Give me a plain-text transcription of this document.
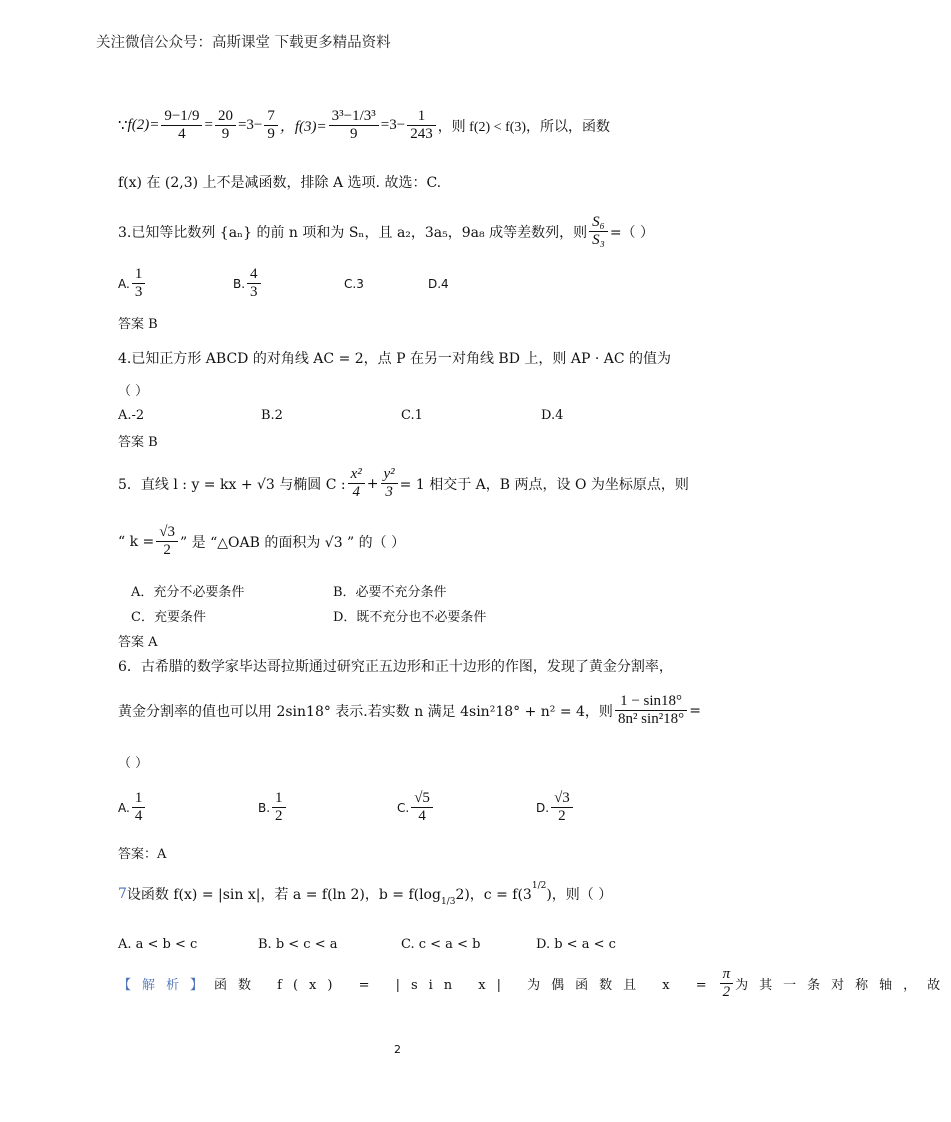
关注微信公众号：高斯课堂 下载更多精品资料
∵ $f(2)= \frac{9-1/9}{4} = \frac{20}{9} =3- \frac{7}{9}$ ，$f(3)= \frac{\text{3³−1/3³}}{9} =3- \frac{1}{243}$ ，则 f(2) < f(3)，所以，函数
f(x) 在 (2,3) 上不是减函数，排除 A 选项. 故选：C.
3.已知等比数列 {aₙ} 的前 n 项和为 Sₙ，且 a₂，3a₅，9a₈ 成等差数列，则 $\frac{\text{S₆}}{\text{S₃}}$ =（ ）
A. $\frac{1}{3}$	B. $\frac{4}{3}$	C.3	D.4
答案 B
4.已知正方形 ABCD 的对角线 AC = 2，点 P 在另一对角线 BD 上，则 AP · AC 的值为
（ ）
A.-2	B.2	C.1	D.4
答案 B
5．直线 l : y = kx + √3 与椭圆 C : $\frac{\text{x²}}{4} + \frac{\text{y²}}{3} = 1$ 相交于 A，B 两点，设 O 为坐标原点，则
“ $k = \frac{√3}{2}$ ” 是 “△OAB 的面积为 √3 ” 的（ ）
A．充分不必要条件	B．必要不充分条件
C．充要条件	D．既不充分也不必要条件
答案 A
6．古希腊的数学家毕达哥拉斯通过研究正五边形和正十边形的作图，发现了黄金分割率，
黄金分割率的值也可以用 2sin18° 表示.若实数 n 满足 4sin²18° + n² = 4，则 $\frac{1 - \sin 18^\circ}{\text{8n² sin²18°}}$ =
（ ）
A. $\frac{1}{4}$	B. $\frac{1}{2}$	C. $\frac{√5}{4}$	D. $\frac{√3}{2}$
答案：A
7 设函数 f(x) = |sin x|，若 a = f(ln 2)，b = f(log 1/3 2)，c = f(3
1/2
)，则（ ）
A. a < b < c	B. b < c < a	C. c < a < b	D. b < a < c
【解析】 函数 f(x) = |sin x| 为偶函数且 $x = \frac{\pi}{2}$ 为其一条对称轴，故
2
